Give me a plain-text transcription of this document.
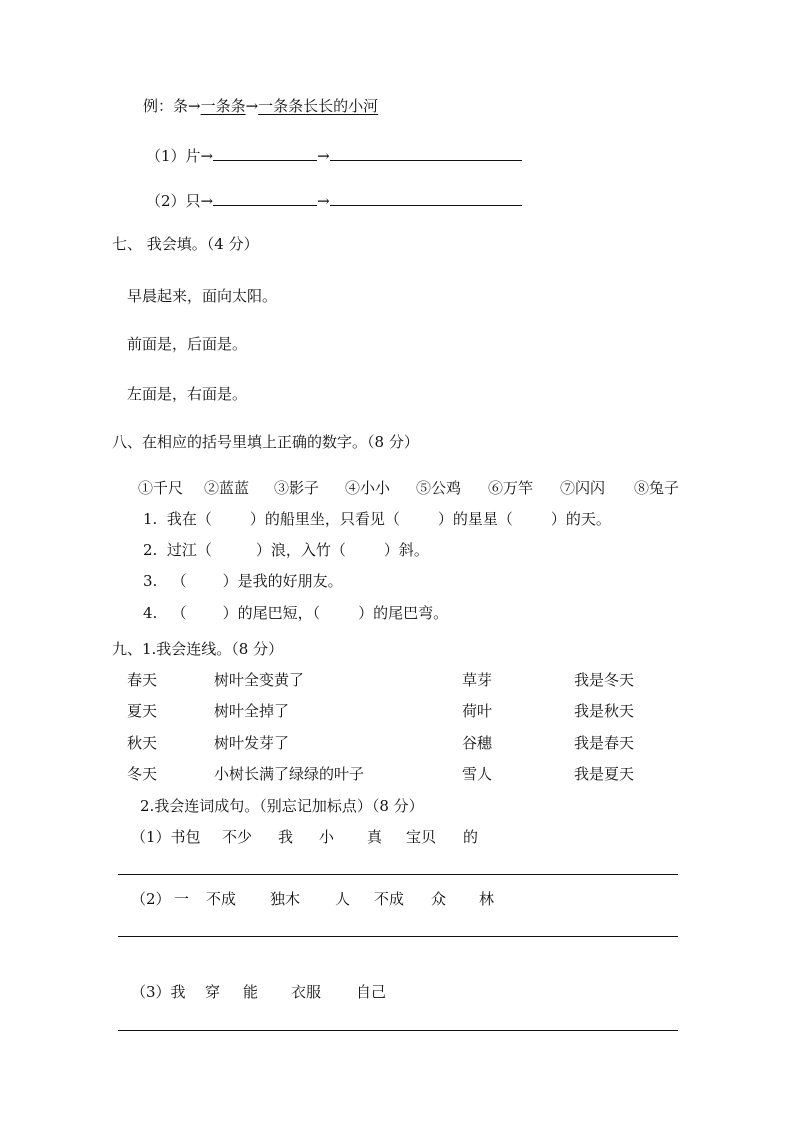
例：条→一条条→一条条长长的小河
（1）片→	→
（2）只→	→
七、 我会填。（4 分）
早晨起来，面向太阳。
前面是，后面是。
左面是，右面是。
八、在相应的括号里填上正确的数字。（8 分）
①千尺 ②蓝蓝 ③影子 ④小小 ⑤公鸡 ⑥万竿 ⑦闪闪 ⑧兔子
1. 我在（	）的船里坐，只看见（	）的星星（	）的天。
2. 过江（	）浪，入竹（	）斜。
3. （ ）是我的好朋友。
4. （ ）的尾巴短，（	）的尾巴弯。
九、1.我会连线。（8 分）
春天	树叶全变黄了	草芽	我是冬天
夏天	树叶全掉了	荷叶	我是秋天
秋天	树叶发芽了	谷穗	我是春天
冬天	小树长满了绿绿的叶子	雪人	我是夏天
2.我会连词成句。（别忘记加标点）（8 分）
（1）书包 不少 我 小 真 宝贝 的
（2） 一 不成 独木 人 不成 众 林
（3）我 穿 能 衣服 自己
